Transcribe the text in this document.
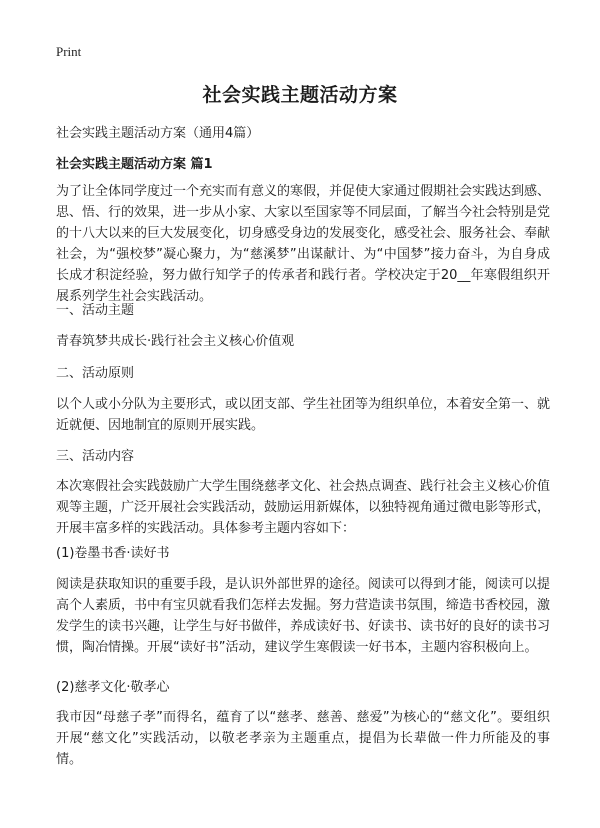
Print
社会实践主题活动方案

社会实践主题活动方案（通用4篇）

社会实践主题活动方案 篇1

为了让全体同学度过一个充实而有意义的寒假，并促使大家通过假期社会实践达到感、思、悟、行的效果，进一步从小家、大家以至国家等不同层面，了解当今社会特别是党的十八大以来的巨大发展变化，切身感受身边的发展变化，感受社会、服务社会、奉献社会，为“强校梦”凝心聚力，为“慈溪梦”出谋献计、为“中国梦”接力奋斗，为自身成长成才积淀经验，努力做行知学子的传承者和践行者。学校决定于20__年寒假组织开展系列学生社会实践活动。

一、活动主题

青春筑梦共成长·践行社会主义核心价值观

二、活动原则

以个人或小分队为主要形式，或以团支部、学生社团等为组织单位，本着安全第一、就近就便、因地制宜的原则开展实践。

三、活动内容

本次寒假社会实践鼓励广大学生围绕慈孝文化、社会热点调查、践行社会主义核心价值观等主题，广泛开展社会实践活动，鼓励运用新媒体，以独特视角通过微电影等形式，开展丰富多样的实践活动。具体参考主题内容如下：

(1)卷墨书香·读好书

阅读是获取知识的重要手段，是认识外部世界的途径。阅读可以得到才能，阅读可以提高个人素质，书中有宝贝就看我们怎样去发掘。努力营造读书氛围，缔造书香校园，激发学生的读书兴趣，让学生与好书做伴，养成读好书、好读书、读书好的良好的读书习惯，陶冶情操。开展“读好书”活动，建议学生寒假读一好书本，主题内容积极向上。

(2)慈孝文化·敬孝心

我市因“母慈子孝”而得名，蕴育了以“慈孝、慈善、慈爱”为核心的“慈文化”。要组织开展“慈文化”实践活动，以敬老孝亲为主题重点，提倡为长辈做一件力所能及的事情。
